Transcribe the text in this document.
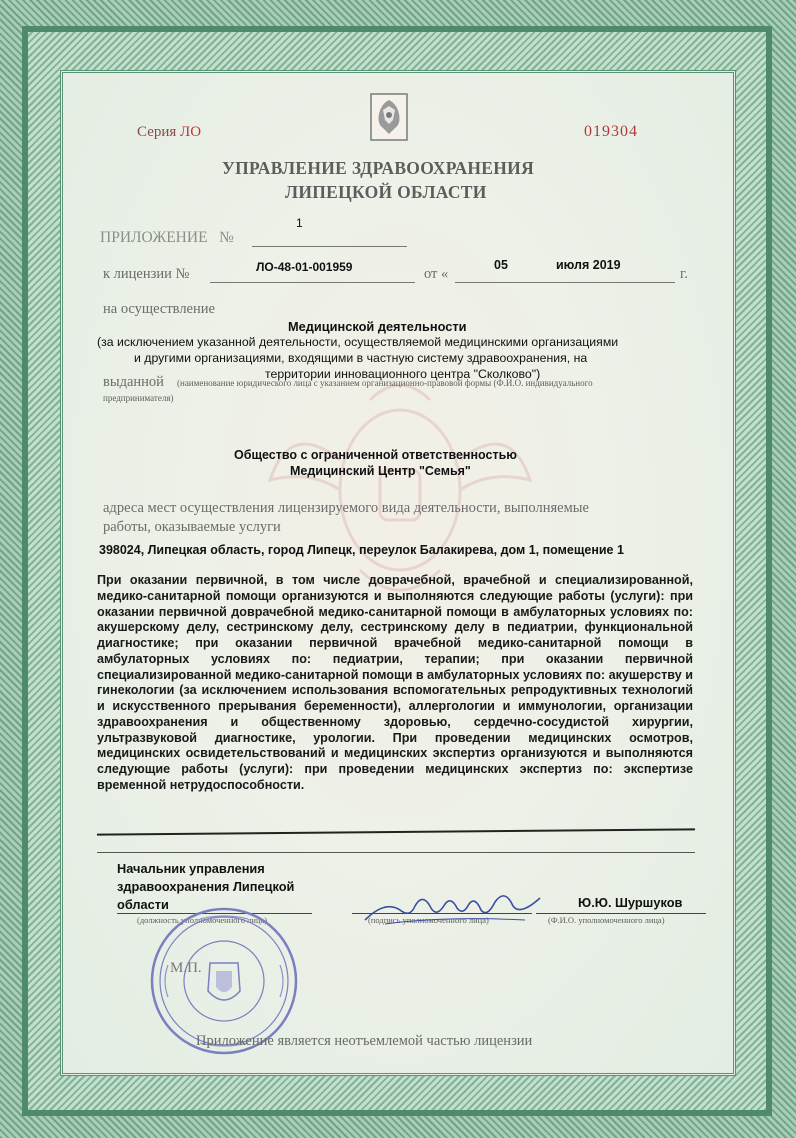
Серия ЛО	019304
УПРАВЛЕНИЕ ЗДРАВООХРАНЕНИЯ
ЛИПЕЦКОЙ ОБЛАСТИ
ПРИЛОЖЕНИЕ №
1
к лицензии №	ЛО-48-01-001959	от «
05	июля 2019
г.
на осуществление
Медицинской деятельности
(за исключением указанной деятельности, осуществляемой медицинскими организациями
и другими организациями, входящими в частную систему здравоохранения, на
территории инновационного центра "Сколково")
выданной (наименование юридического лица с указанием организационно-правовой формы (Ф.И.О. индивидуального
предпринимателя)
Общество с ограниченной ответственностью
Медицинский Центр "Семья"
адреса мест осуществления лицензируемого вида деятельности, выполняемые
работы, оказываемые услуги
398024, Липецкая область, город Липецк, переулок Балакирева, дом 1, помещение 1

При оказании первичной, в том числе доврачебной, врачебной и специализированной, медико-санитарной помощи организуются и выполняются следующие работы (услуги): при оказании первичной доврачебной медико-санитарной помощи в амбулаторных условиях по: акушерскому делу, сестринскому делу, сестринскому делу в педиатрии, функциональной диагностике; при оказании первичной врачебной медико-санитарной помощи в амбулаторных условиях по: педиатрии, терапии; при оказании первичной специализированной медико-санитарной помощи в амбулаторных условиях по: акушерству и гинекологии (за исключением использования вспомогательных репродуктивных технологий и искусственного прерывания беременности), аллергологии и иммунологии, организации здравоохранения и общественному здоровью, сердечно-сосудистой хирургии, ультразвуковой диагностике, урологии. При проведении медицинских осмотров, медицинских освидетельствований и медицинских экспертиз организуются и выполняются следующие работы (услуги): при проведении медицинских экспертиз по: экспертизе временной нетрудоспособности.

Начальник управления
здравоохранения Липецкой
области	Ю.Ю. Шуршуков
(должность уполномоченного лица)	(подпись уполномоченного лица)	(Ф.И.О. уполномоченного лица)
М.П.
Приложение является неотъемлемой частью лицензии
